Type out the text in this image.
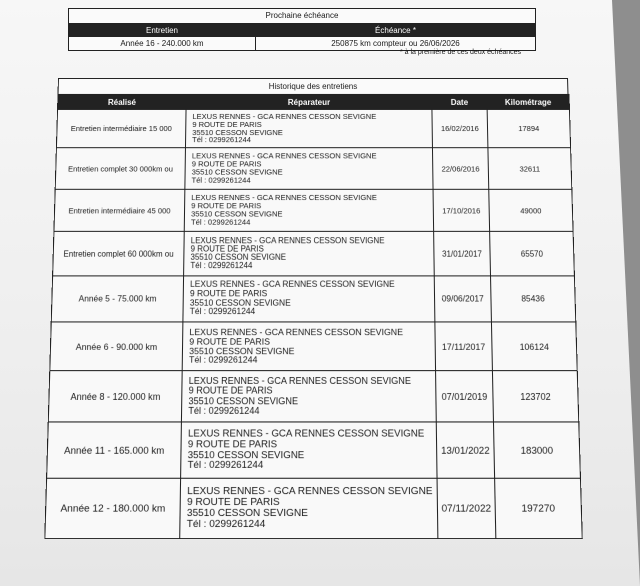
Prochaine échéance
Entretien	Échéance *
Année 16 - 240.000 km	250875 km compteur ou 26/06/2026
* à la première de ces deux échéances
Historique des entretiens
Réalisé	Réparateur	Date	Kilométrage
Entretien intermédiaire 15 000	LEXUS RENNES - GCA RENNES CESSON SEVIGNE
9 ROUTE DE PARIS
35510 CESSON SEVIGNE
Tél : 0299261244	16/02/2016	17894
Entretien complet 30 000km ou	LEXUS RENNES - GCA RENNES CESSON SEVIGNE
9 ROUTE DE PARIS
35510 CESSON SEVIGNE
Tél : 0299261244	22/06/2016	32611
Entretien intermédiaire 45 000	LEXUS RENNES - GCA RENNES CESSON SEVIGNE
9 ROUTE DE PARIS
35510 CESSON SEVIGNE
Tél : 0299261244	17/10/2016	49000
Entretien complet 60 000km ou	LEXUS RENNES - GCA RENNES CESSON SEVIGNE
9 ROUTE DE PARIS
35510 CESSON SEVIGNE
Tél : 0299261244	31/01/2017	65570
Année 5 - 75.000 km	LEXUS RENNES - GCA RENNES CESSON SEVIGNE
9 ROUTE DE PARIS
35510 CESSON SEVIGNE
Tél : 0299261244	09/06/2017	85436
Année 6 - 90.000 km	LEXUS RENNES - GCA RENNES CESSON SEVIGNE
9 ROUTE DE PARIS
35510 CESSON SEVIGNE
Tél : 0299261244	17/11/2017	106124
Année 8 - 120.000 km	LEXUS RENNES - GCA RENNES CESSON SEVIGNE
9 ROUTE DE PARIS
35510 CESSON SEVIGNE
Tél : 0299261244	07/01/2019	123702
Année 11 - 165.000 km	LEXUS RENNES - GCA RENNES CESSON SEVIGNE
9 ROUTE DE PARIS
35510 CESSON SEVIGNE
Tél : 0299261244	13/01/2022	183000
Année 12 - 180.000 km	LEXUS RENNES - GCA RENNES CESSON SEVIGNE
9 ROUTE DE PARIS
35510 CESSON SEVIGNE
Tél : 0299261244	07/11/2022	197270
